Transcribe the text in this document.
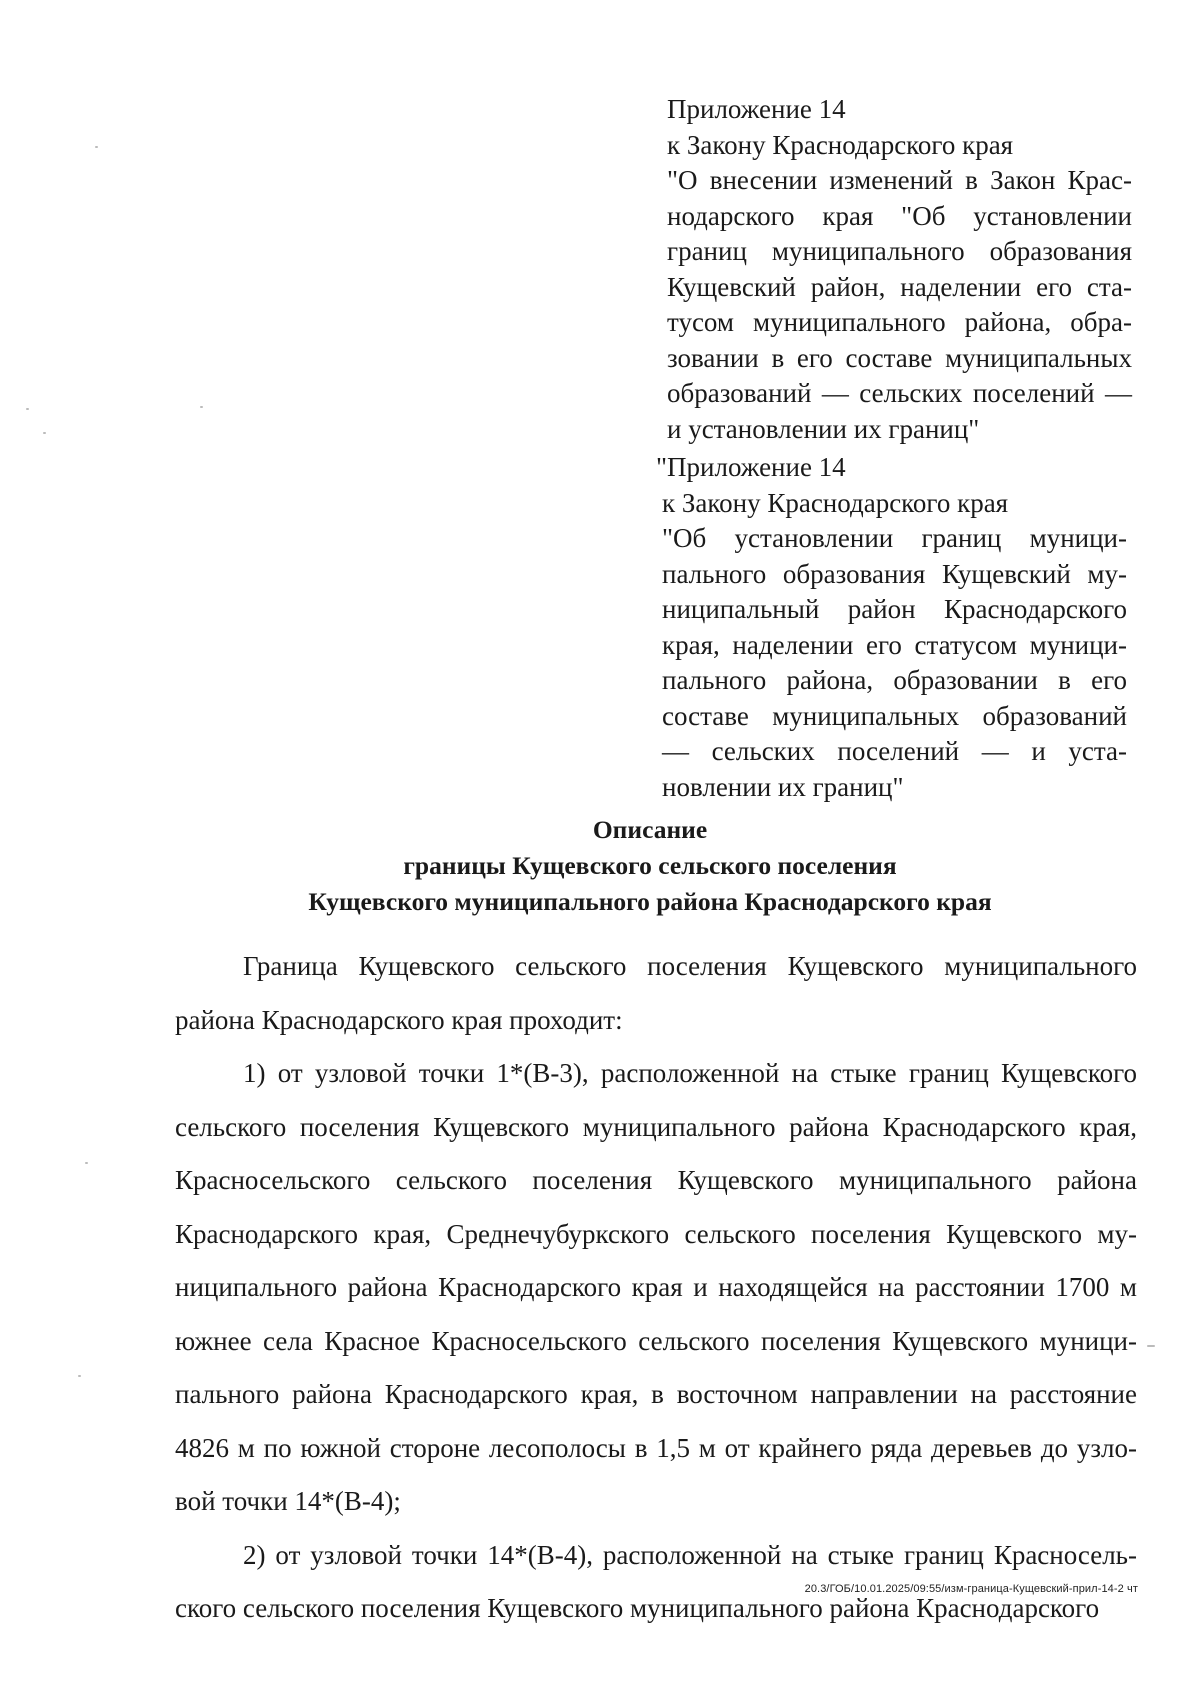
Приложение 14
к Закону Краснодарского края
"О внесении изменений в Закон Краснодарского края "Об установлении границ муниципального образования Кущевский район, наделении его статусом муниципального района, образовании в его составе муниципальных образований — сельских поселений — и установлении их границ"
"Приложение 14
к Закону Краснодарского края
"Об установлении границ муниципального образования Кущевский муниципальный район Краснодарского края, наделении его статусом муниципального района, образовании в его составе муниципальных образований — сельских поселений — и установлении их границ"
Описание
границы Кущевского сельского поселения
Кущевского муниципального района Краснодарского края

Граница Кущевского сельского поселения Кущевского муниципального района Краснодарского края проходит:

1) от узловой точки 1*(В-3), расположенной на стыке границ Кущевского сельского поселения Кущевского муниципального района Краснодарского края, Красносельского сельского поселения Кущевского муниципального района Краснодарского края, Среднечубуркского сельского поселения Кущевского муниципального района Краснодарского края и находящейся на расстоянии 1700 м южнее села Красное Красносельского сельского поселения Кущевского муниципального района Краснодарского края, в восточном направлении на расстояние 4826 м по южной стороне лесополосы в 1,5 м от крайнего ряда деревьев до узловой точки 14*(В-4);

2) от узловой точки 14*(В-4), расположенной на стыке границ Красносельского сельского поселения Кущевского муниципального района Краснодарского

20.3/ГОБ/10.01.2025/09:55/изм-граница-Кущевский-прил-14-2 чт
